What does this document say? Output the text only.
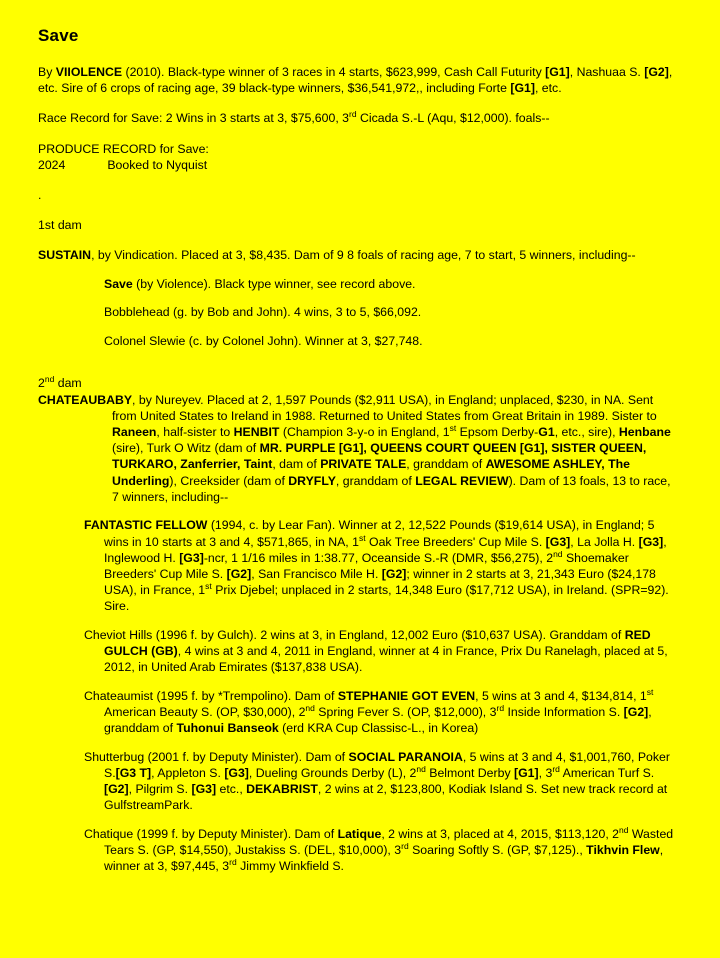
Save

By VIIOLENCE (2010). Black-type winner of 3 races in 4 starts, $623,999, Cash Call Futurity [G1], Nashuaa S. [G2], etc. Sire of 6 crops of racing age, 39 black-type winners, $36,541,972,, including Forte [G1], etc.

Race Record for Save: 2 Wins in 3 starts at 3, $75,600, 3rd Cicada S.-L (Aqu, $12,000). foals--

PRODUCE RECORD for Save:

2024	Booked to Nyquist

.

1st dam

SUSTAIN, by Vindication. Placed at 3, $8,435. Dam of 9 8 foals of racing age, 7 to start, 5 winners, including--

Save (by Violence). Black type winner, see record above.

Bobblehead (g. by Bob and John). 4 wins, 3 to 5, $66,092.

Colonel Slewie (c. by Colonel John). Winner at 3, $27,748.

2nd dam

CHATEAUBABY, by Nureyev. Placed at 2, 1,597 Pounds ($2,911 USA), in England; unplaced, $230, in NA. Sent from United States to Ireland in 1988. Returned to United States from Great Britain in 1989. Sister to Raneen, half-sister to HENBIT (Champion 3-y-o in England, 1st Epsom Derby-G1, etc., sire), Henbane (sire), Turk O Witz (dam of MR. PURPLE [G1], QUEENS COURT QUEEN [G1], SISTER QUEEN, TURKARO, Zanferrier, Taint, dam of PRIVATE TALE, granddam of AWESOME ASHLEY, The Underling), Creeksider (dam of DRYFLY, granddam of LEGAL REVIEW). Dam of 13 foals, 13 to race, 7 winners, including--

FANTASTIC FELLOW (1994, c. by Lear Fan). Winner at 2, 12,522 Pounds ($19,614 USA), in England; 5 wins in 10 starts at 3 and 4, $571,865, in NA, 1st Oak Tree Breeders' Cup Mile S. [G3], La Jolla H. [G3], Inglewood H. [G3]-ncr, 1 1/16 miles in 1:38.77, Oceanside S.-R (DMR, $56,275), 2nd Shoemaker Breeders' Cup Mile S. [G2], San Francisco Mile H. [G2]; winner in 2 starts at 3, 21,343 Euro ($24,178 USA), in France, 1st Prix Djebel; unplaced in 2 starts, 14,348 Euro ($17,712 USA), in Ireland. (SPR=92). Sire.

Cheviot Hills (1996 f. by Gulch). 2 wins at 3, in England, 12,002 Euro ($10,637 USA). Granddam of RED GULCH (GB), 4 wins at 3 and 4, 2011 in England, winner at 4 in France, Prix Du Ranelagh, placed at 5, 2012, in United Arab Emirates ($137,838 USA).

Chateaumist (1995 f. by *Trempolino). Dam of STEPHANIE GOT EVEN, 5 wins at 3 and 4, $134,814, 1st American Beauty S. (OP, $30,000), 2nd Spring Fever S. (OP, $12,000), 3rd Inside Information S. [G2], granddam of Tuhonui Banseok (erd KRA Cup Classisc-L., in Korea)

Shutterbug (2001 f. by Deputy Minister). Dam of SOCIAL PARANOIA, 5 wins at 3 and 4, $1,001,760, Poker S.[G3 T], Appleton S. [G3], Dueling Grounds Derby (L), 2nd Belmont Derby [G1], 3rd American Turf S. [G2], Pilgrim S. [G3] etc., DEKABRIST, 2 wins at 2, $123,800, Kodiak Island S. Set new track record at GulfstreamPark.

Chatique (1999 f. by Deputy Minister). Dam of Latique, 2 wins at 3, placed at 4, 2015, $113,120, 2nd Wasted Tears S. (GP, $14,550), Justakiss S. (DEL, $10,000), 3rd Soaring Softly S. (GP, $7,125)., Tikhvin Flew, winner at 3, $97,445, 3rd Jimmy Winkfield S.
